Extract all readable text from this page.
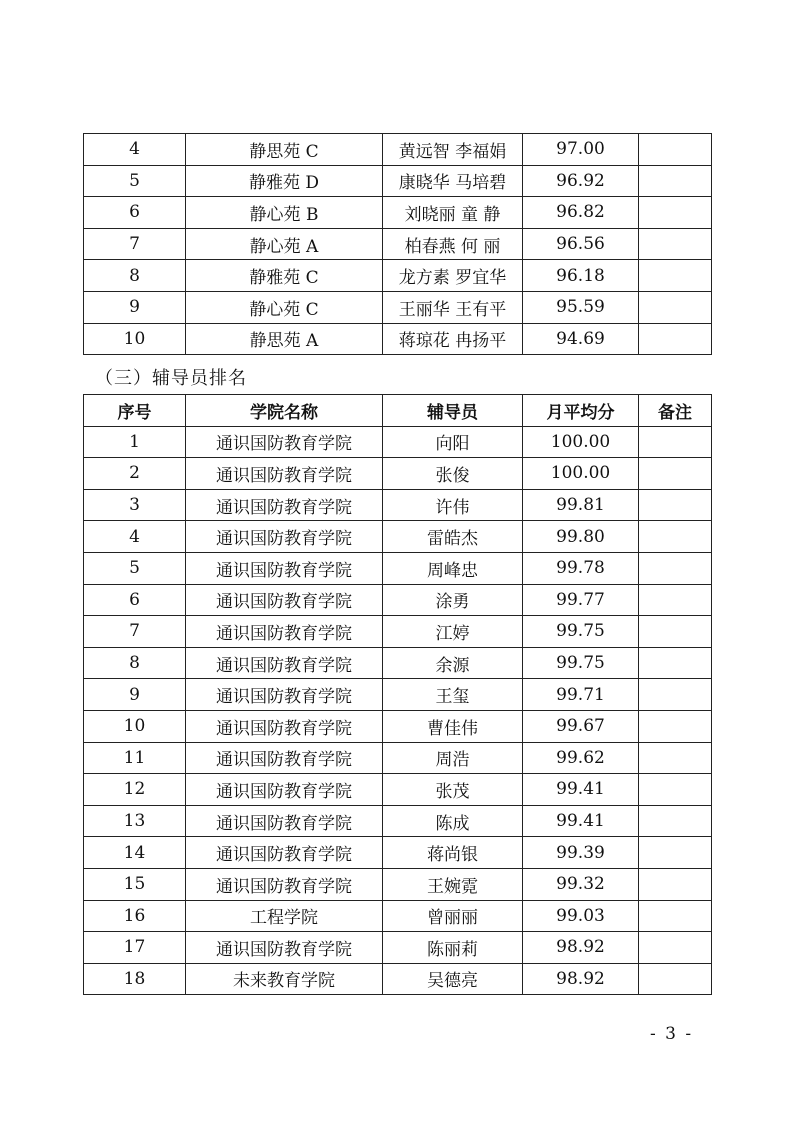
4	静思苑 C	黄远智 李福娟	97.00	
5	静雅苑 D	康晓华 马培碧	96.92	
6	静心苑 B	刘晓丽 童 静	96.82	
7	静心苑 A	柏春燕 何 丽	96.56	
8	静雅苑 C	龙方素 罗宜华	96.18	
9	静心苑 C	王丽华 王有平	95.59	
10	静思苑 A	蒋琼花 冉扬平	94.69	
（三）辅导员排名
序号	学院名称	辅导员	月平均分	备注
1	通识国防教育学院	向阳	100.00	
2	通识国防教育学院	张俊	100.00	
3	通识国防教育学院	许伟	99.81	
4	通识国防教育学院	雷皓杰	99.80	
5	通识国防教育学院	周峰忠	99.78	
6	通识国防教育学院	涂勇	99.77	
7	通识国防教育学院	江婷	99.75	
8	通识国防教育学院	余源	99.75	
9	通识国防教育学院	王玺	99.71	
10	通识国防教育学院	曹佳伟	99.67	
11	通识国防教育学院	周浩	99.62	
12	通识国防教育学院	张茂	99.41	
13	通识国防教育学院	陈成	99.41	
14	通识国防教育学院	蒋尚银	99.39	
15	通识国防教育学院	王婉霓	99.32	
16	工程学院	曾丽丽	99.03	
17	通识国防教育学院	陈丽莉	98.92	
18	未来教育学院	吴德亮	98.92	
- 3 -
